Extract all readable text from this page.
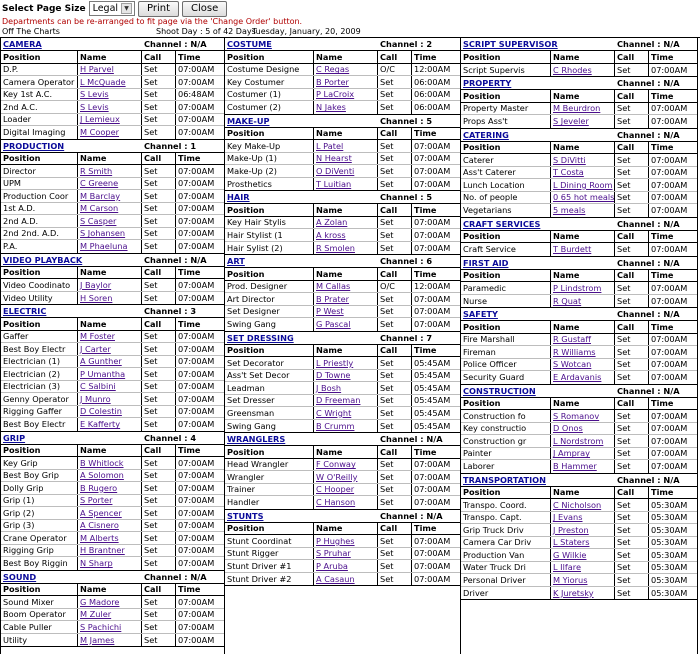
Select Page Size Legal	▼	Print	Close
Departments can be re-arranged to fit page via the 'Change Order' button.
Off The Charts	Shoot Day : 5 of 42 Days
Tuesday, January, 20, 2009
CAMERA	Channel : N/A
Position	Name	Call	Time
D.P.	H Parvel	Set	07:00AM
Camera Operator L McQuade Set	07:00AM
Key 1st A.C.	S Levis	Set	06:48AM
2nd A.C.	S Levis	Set	07:00AM
Loader	J Lemieux	Set	07:00AM
Digital Imaging	M Cooper	Set	07:00AM
PRODUCTION	Channel : 1
Position	Name	Call	Time
Director	R Smith	Set	07:00AM
UPM	C Greene	Set	07:00AM
Production Coor	M Barclay	Set	07:00AM
1st A.D.	M Carson	Set	07:00AM
2nd A.D.	S Casper	Set	07:00AM
2nd 2nd. A.D.	S Johansen Set	07:00AM
P.A.	M Phaeluna Set	07:00AM
VIDEO PLAYBACK	Channel : N/A
Position	Name	Call	Time
Video Coodinato	J Baylor	Set	07:00AM
Video Utility	H Soren	Set	07:00AM
ELECTRIC	Channel : 3
Position	Name	Call	Time
Gaffer	M Foster	Set	07:00AM
Best Boy Electr	J Carter	Set	07:00AM
Electrician (1)	A Gunther	Set	07:00AM
Electrician (2)	P Umantha Set	07:00AM
Electrician (3)	C Salbini	Set	07:00AM
Genny Operator	J Munro	Set	07:00AM
Rigging Gaffer	D Colestin	Set	07:00AM
Best Boy Electr	E Kafferty	Set	07:00AM
GRIP	Channel : 4
Position	Name	Call	Time
Key Grip	B Whitlock Set	07:00AM
Best Boy Grip	A Solomon Set	07:00AM
Dolly Grip	B Rugero	Set	07:00AM
Grip (1)	S Porter	Set	07:00AM
Grip (2)	A Spencer	Set	07:00AM
Grip (3)	A Cisnero	Set	07:00AM
Crane Operator	M Alberts	Set	07:00AM
Rigging Grip	H Brantner Set	07:00AM
Best Boy Riggin	N Sharp	Set	07:00AM
SOUND	Channel : N/A
Position	Name	Call	Time
Sound Mixer	G Madore	Set	07:00AM
Boom Operator	M Zuler	Set	07:00AM
Cable Puller	S Pachichi	Set	07:00AM
Utility	M James	Set	07:00AM
COSTUME	Channel : 2
Position	Name	Call	Time
Costume Designe	C Regas	O/C	12:00AM
Key Costumer	B Porter	Set	06:00AM
Costumer (1)	P LaCroix	Set	06:00AM
Costumer (2)	N Jakes	Set	06:00AM
MAKE-UP	Channel : 5
Position	Name	Call	Time
Key Make-Up	L Patel	Set	07:00AM
Make-Up (1)	N Hearst	Set	07:00AM
Make-Up (2)	O DiVenti	Set	07:00AM
Prosthetics	T Luitian	Set	07:00AM
HAIR	Channel : 5
Position	Name	Call	Time
Key Hair Stylis	A Zolan	Set	07:00AM
Hair Stylist (1	A kross	Set	07:00AM
Hair Sylist (2)	R Smolen	Set	07:00AM
ART	Channel : 6
Position	Name	Call	Time
Prod. Designer	M Callas	O/C	12:00AM
Art Director	B Prater	Set	07:00AM
Set Designer	P West	Set	07:00AM
Swing Gang	G Pascal	Set	07:00AM
SET DRESSING	Channel : 7
Position	Name	Call	Time
Set Decorator	L Priestly	Set	05:45AM
Ass't Set Decor	D Towne	Set	05:45AM
Leadman	J Bosh	Set	05:45AM
Set Dresser	D Freeman Set	05:45AM
Greensman	C Wright	Set	05:45AM
Swing Gang	B Crumm	Set	05:45AM
WRANGLERS	Channel : N/A
Position	Name	Call	Time
Head Wrangler	F Conway	Set	07:00AM
Wrangler	W O'Reilly	Set	07:00AM
Trainer	C Hooper	Set	07:00AM
Handler	C Hanson	Set	07:00AM
STUNTS	Channel : N/A
Position	Name	Call	Time
Stunt Coordinat	P Hughes	Set	07:00AM
Stunt Rigger	S Pruhar	Set	07:00AM
Stunt Driver #1	P Aruba	Set	07:00AM
Stunt Driver #2	A Casaun	Set	07:00AM
SCRIPT SUPERVISOR	Channel : N/A
Position	Name	Call	Time
Script Supervis	C Rhodes	Set	07:00AM
PROPERTY	Channel : N/A
Position	Name	Call	Time
Property Master	M Beurdron Set	07:00AM
Props Ass't	S Jeveler	Set	07:00AM
CATERING	Channel : N/A
Position	Name	Call	Time
Caterer	S DiVitti	Set	07:00AM
Ass't Caterer	T Costa	Set	07:00AM
Lunch Location	L Dining Room Set	07:00AM
No. of people	0 65 hot meals Set	07:00AM
Vegetarians	5 meals	Set	07:00AM
CRAFT SERVICES	Channel : N/A
Position	Name	Call	Time
Craft Service	T Burdett	Set	07:00AM
FIRST AID	Channel : N/A
Position	Name	Call	Time
Paramedic	P Lindstrom Set	07:00AM
Nurse	R Quat	Set	07:00AM
SAFETY	Channel : N/A
Position	Name	Call	Time
Fire Marshall	R Gustaff	Set	07:00AM
Fireman	R Williams	Set	07:00AM
Police Officer	S Wotcan	Set	07:00AM
Security Guard	E Ardavanis Set	07:00AM
CONSTRUCTION	Channel : N/A
Position	Name	Call	Time
Construction fo	S Romanov Set	07:00AM
Key constructio	D Onos	Set	07:00AM
Construction gr	L Nordstrom Set	07:00AM
Painter	J Ampray	Set	07:00AM
Laborer	B Hammer Set	07:00AM
TRANSPORTATION	Channel : N/A
Position	Name	Call	Time
Transpo. Coord.	C Nicholson Set	05:30AM
Transpo. Capt.	J Evans	Set	05:30AM
Grip Truck Driv	J Preston	Set	05:30AM
Camera Car Driv	L Staters	Set	05:30AM
Production Van	G Wilkie	Set	05:30AM
Water Truck Dri	L Ilfare	Set	05:30AM
Personal Driver	M Yiorus	Set	05:30AM
Driver	K Juretsky	Set	05:30AM
